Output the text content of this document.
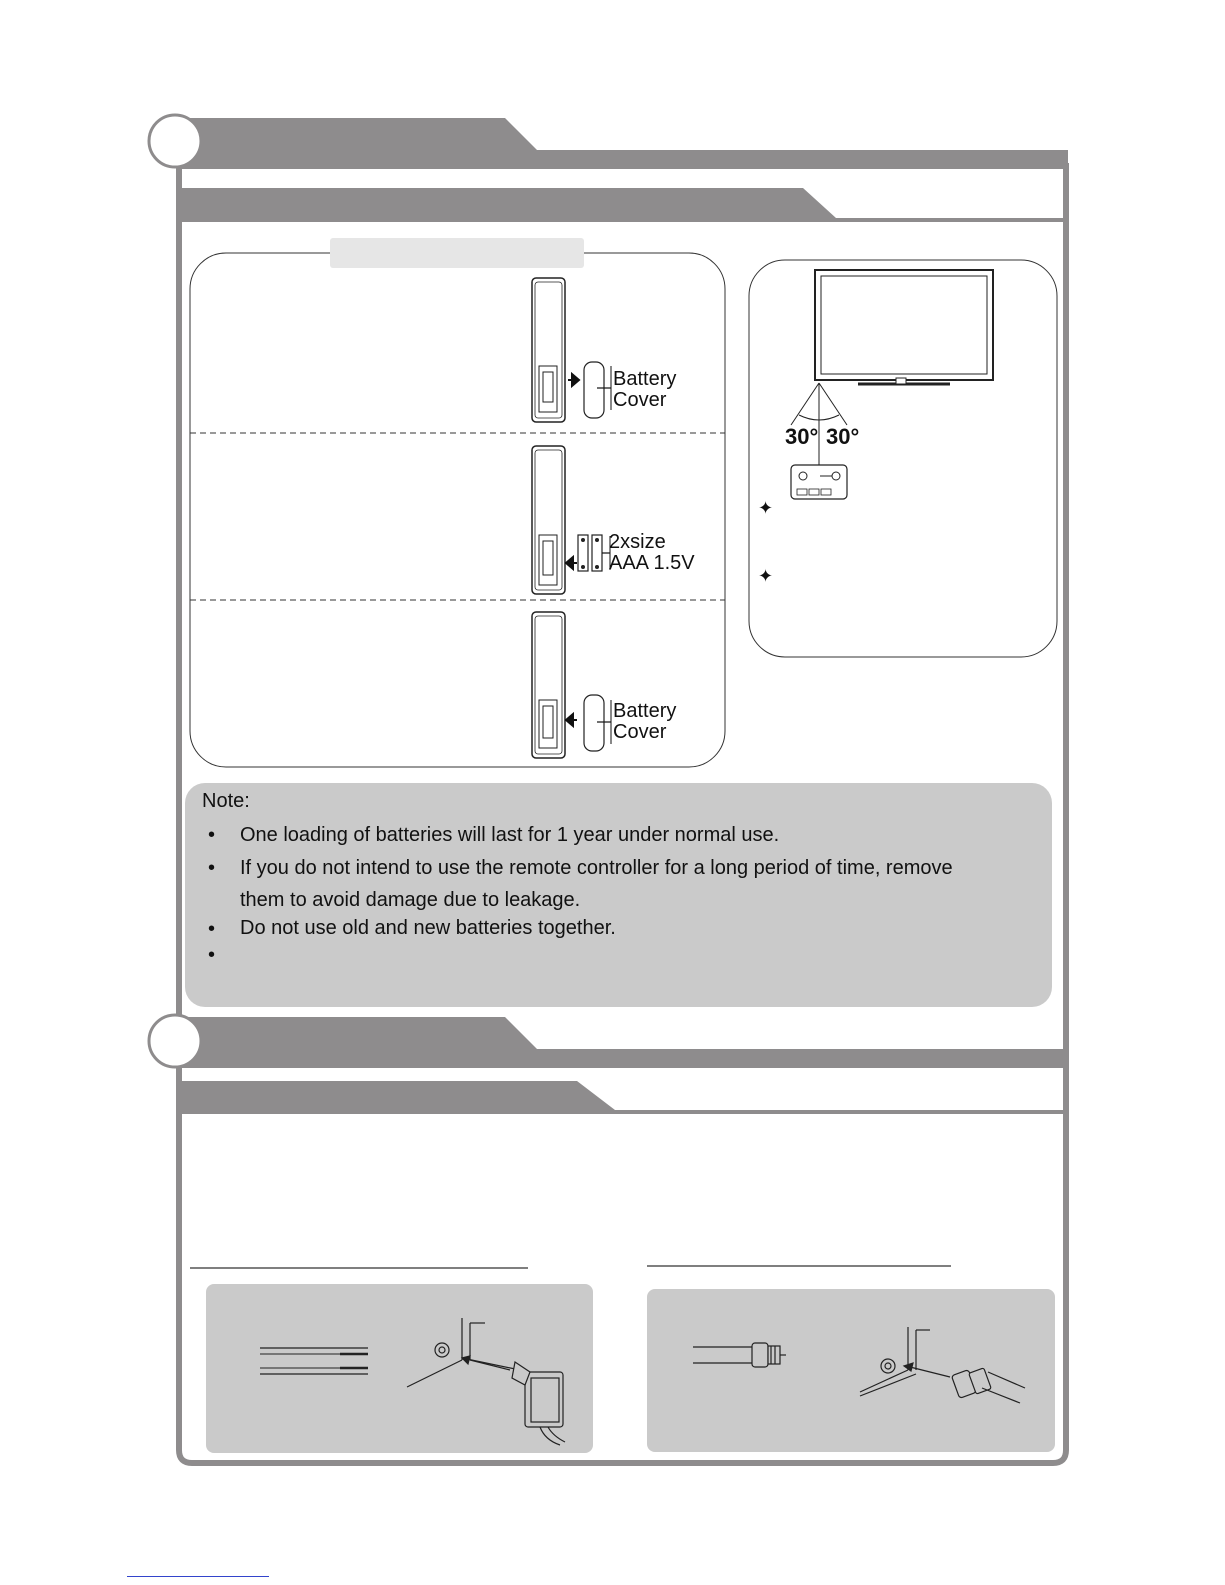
Battery
Cover
2xsize
AAA 1.5V
Battery
Cover
30° 30°
✦
✦
Note:
• One loading of batteries will last for 1 year under normal use.
• If you do not intend to use the remote controller for a long period of time, remove
them to avoid damage due to leakage.
• Do not use old and new batteries together.
•
